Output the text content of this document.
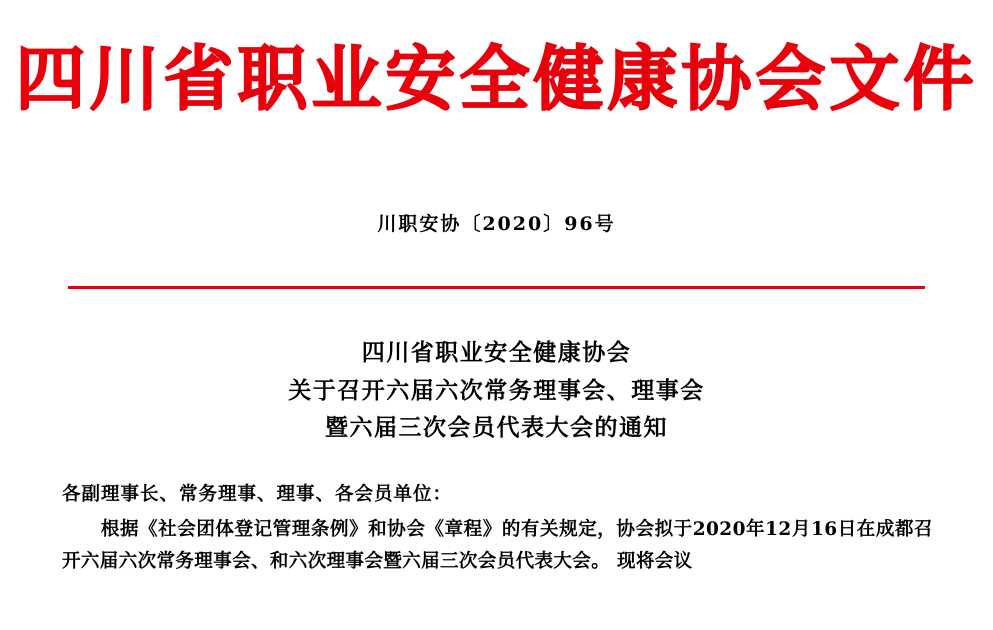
四川省职业安全健康协会文件
川职安协〔2020〕96号
四川省职业安全健康协会
关于召开六届六次常务理事会、理事会
暨六届三次会员代表大会的通知
各副理事长、常务理事、理事、各会员单位：
根据《社会团体登记管理条例》和协会《章程》的有关规定，协会拟于2020年12月16日在成都召开六届六次常务理事会、和六次理事会暨六届三次会员代表大会。 现将会议
